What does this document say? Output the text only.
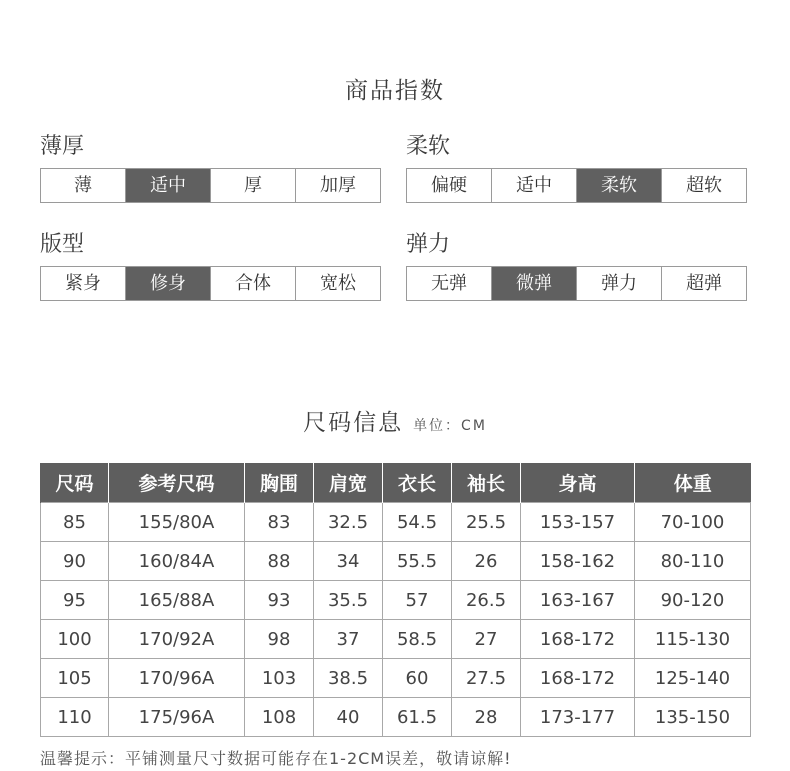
商品指数
薄厚
薄	适中	厚	加厚
柔软
偏硬	适中	柔软	超软
版型
紧身	修身	合体	宽松
弹力
无弹	微弹	弹力	超弹
尺码信息 单位：CM
尺码	参考尺码	胸围	肩宽	衣长	袖长	身高	体重
85	155/80A	83	32.5	54.5	25.5	153-157	70-100
90	160/84A	88	34	55.5	26	158-162	80-110
95	165/88A	93	35.5	57	26.5	163-167	90-120
100	170/92A	98	37	58.5	27	168-172	115-130
105	170/96A	103	38.5	60	27.5	168-172	125-140
110	175/96A	108	40	61.5	28	173-177	135-150
温馨提示：平铺测量尺寸数据可能存在1-2CM误差，敬请谅解!
